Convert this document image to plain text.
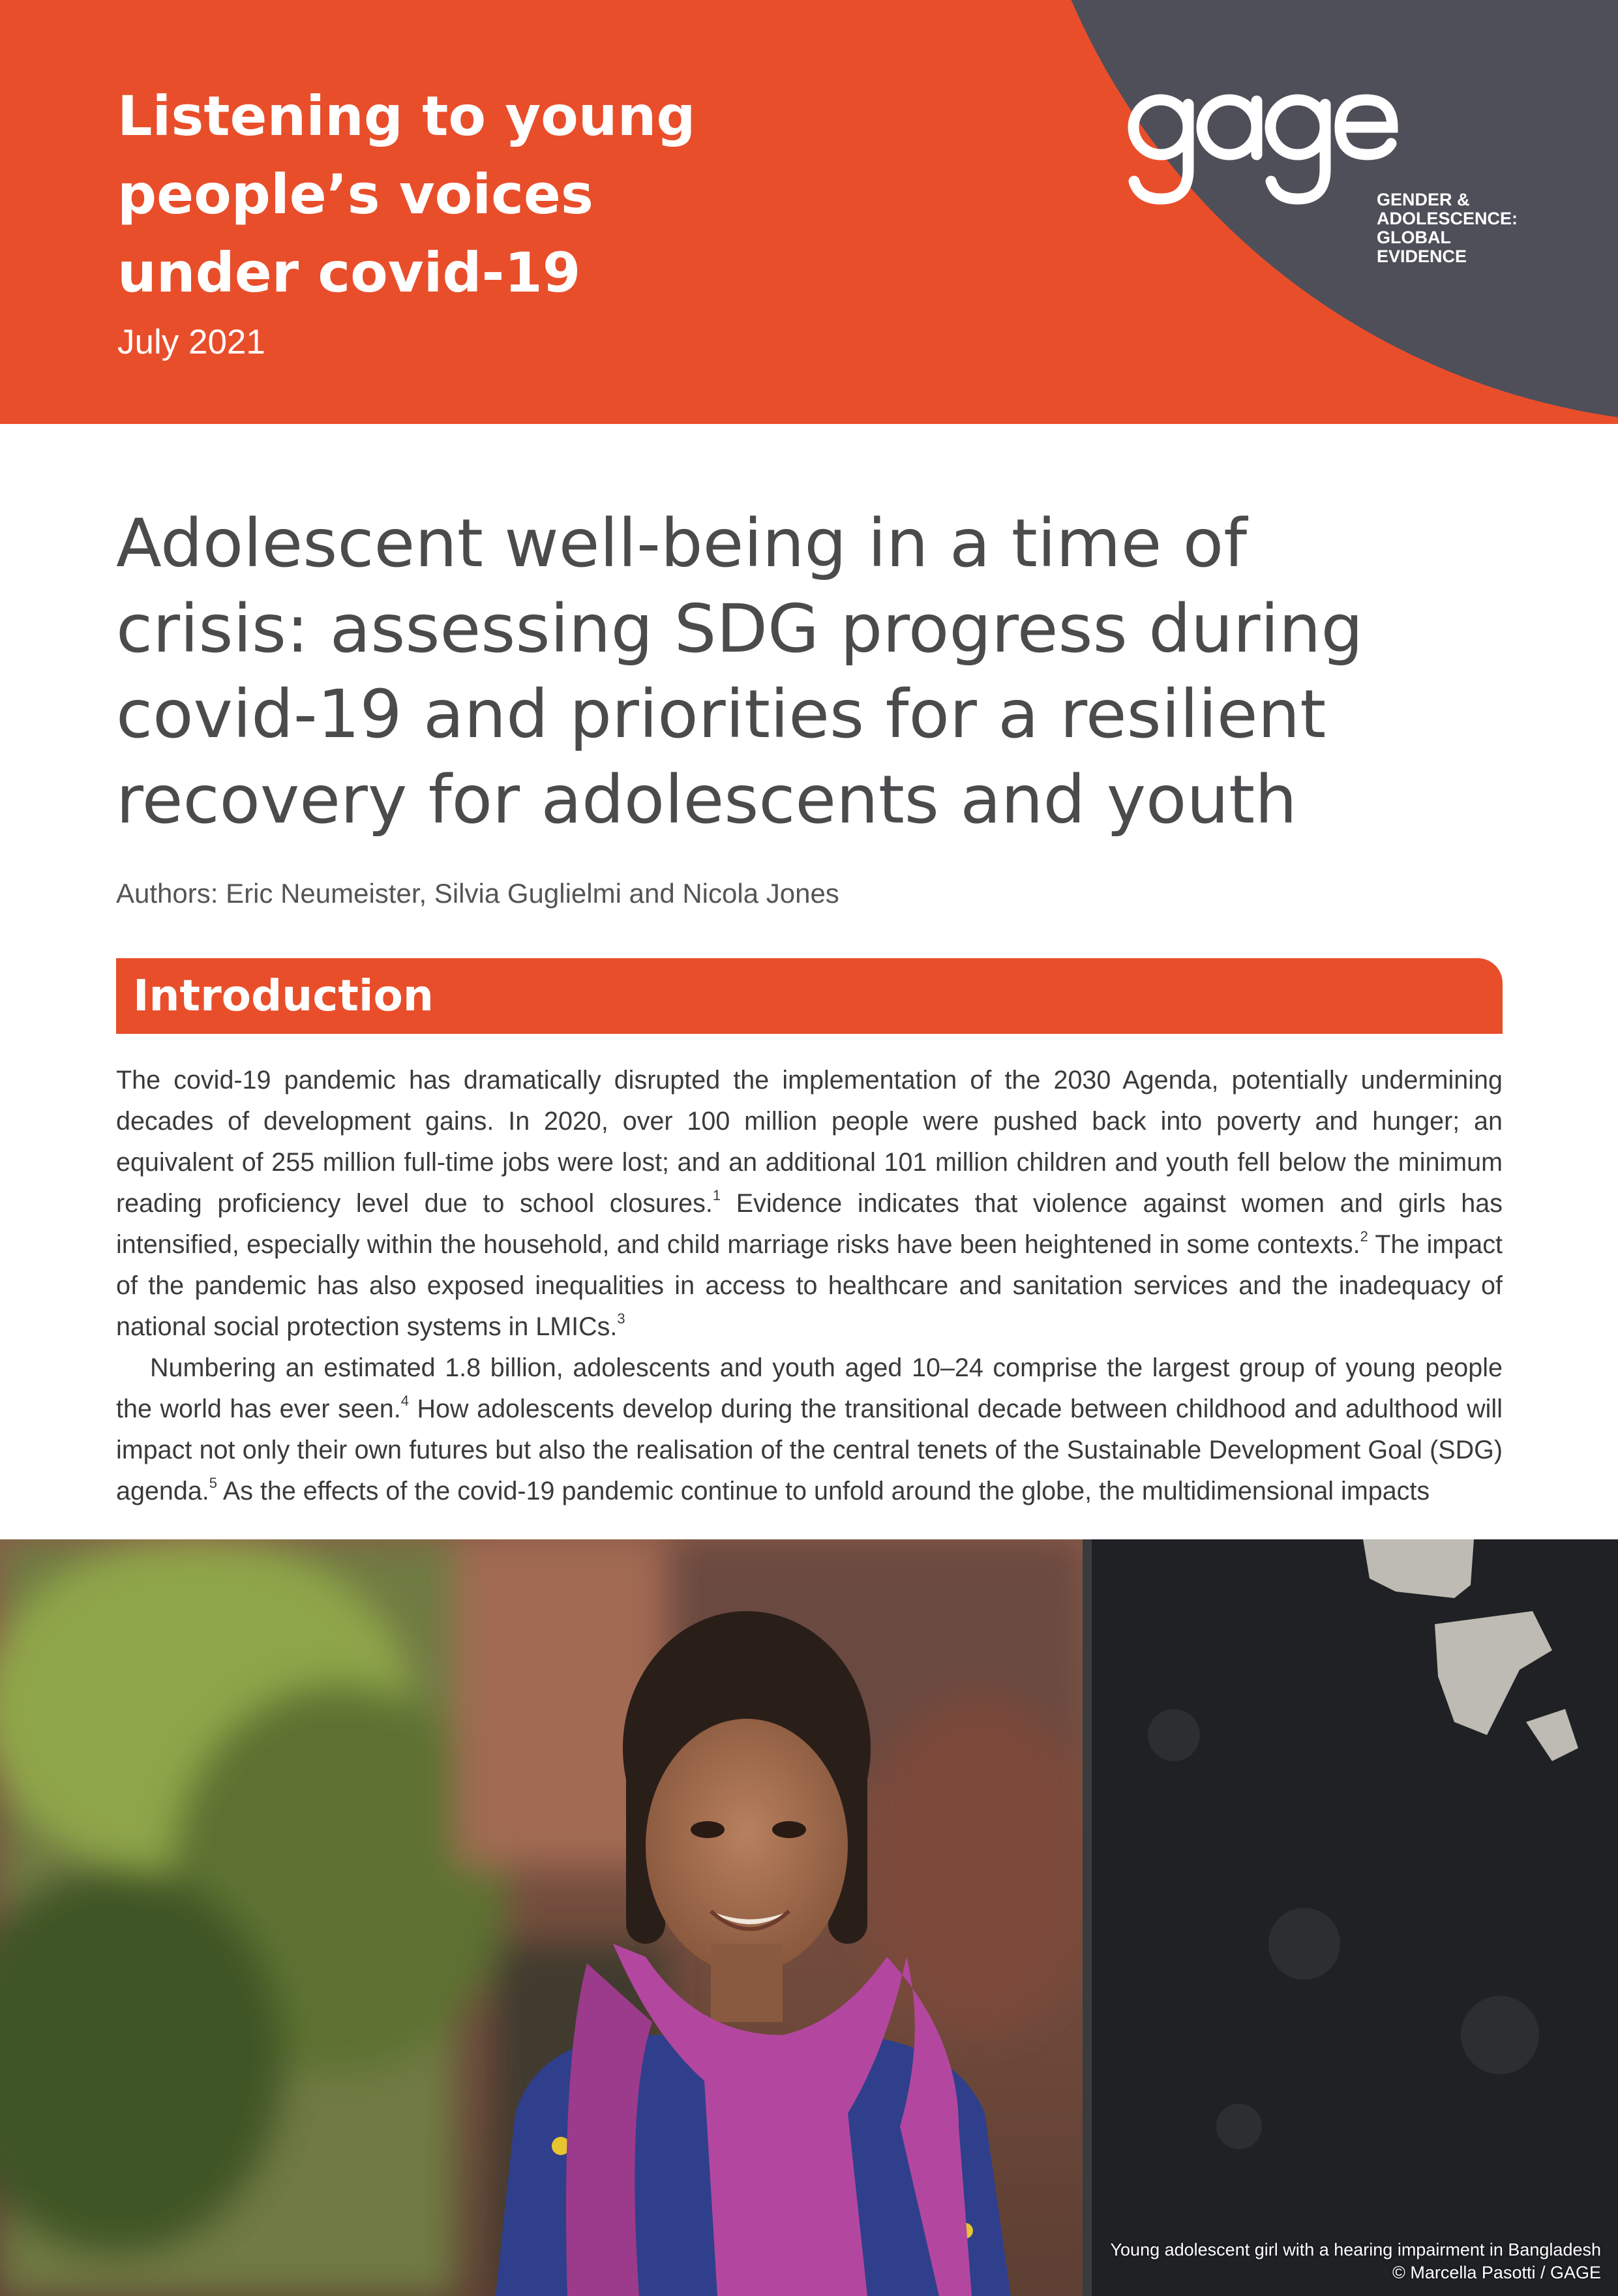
Listening to young
people’s voices
under covid-19
July 2021
GENDER &
ADOLESCENCE:
GLOBAL
EVIDENCE
Adolescent well-being in a time of
crisis: assessing SDG progress during
covid-19 and priorities for a resilient
recovery for adolescents and youth
Authors: Eric Neumeister, Silvia Guglielmi and Nicola Jones
Introduction

The covid-19 pandemic has dramatically disrupted the implementation of the 2030 Agenda, potentially undermining decades of development gains. In 2020, over 100 million people were pushed back into poverty and hunger; an equivalent of 255 million full-time jobs were lost; and an additional 101 million children and youth fell below the minimum reading proficiency level due to school closures.$^1$ Evidence indicates that violence against women and girls has intensified, especially within the household, and child marriage risks have been heightened in some contexts.$^2$ The impact of the pandemic has also exposed inequalities in access to healthcare and sanitation services and the inadequacy of national social protection systems in LMICs.$^3$

Numbering an estimated 1.8 billion, adolescents and youth aged 10–24 comprise the largest group of young people the world has ever seen.$^4$ How adolescents develop during the transitional decade between childhood and adulthood will impact not only their own futures but also the realisation of the central tenets of the Sustainable Development Goal (SDG) agenda.$^5$ As the effects of the covid-19 pandemic continue to unfold around the globe, the multidimensional impacts

Young adolescent girl with a hearing impairment in Bangladesh
© Marcella Pasotti / GAGE
